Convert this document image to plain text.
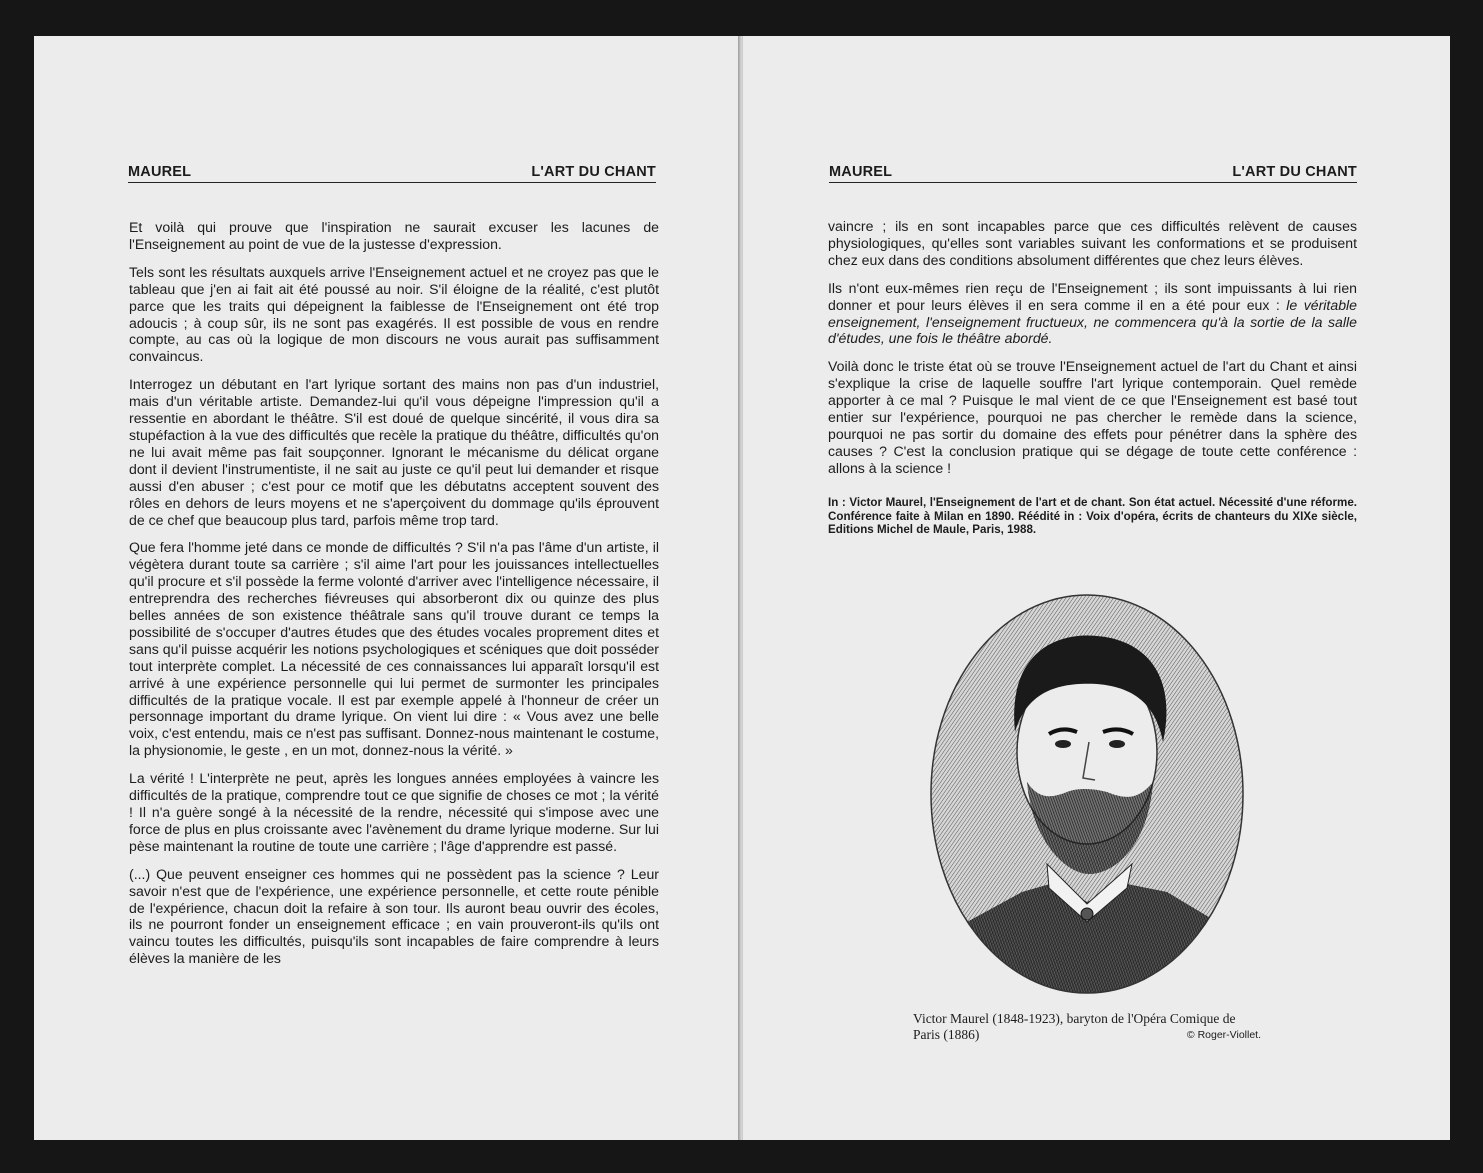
MAUREL	L'ART DU CHANT

Et voilà qui prouve que l'inspiration ne saurait excuser les lacunes de l'Enseignement au point de vue de la justesse d'expression.

Tels sont les résultats auxquels arrive l'Enseignement actuel et ne croyez pas que le tableau que j'en ai fait ait été poussé au noir. S'il éloigne de la réalité, c'est plutôt parce que les traits qui dépeignent la faiblesse de l'Enseignement ont été trop adoucis ; à coup sûr, ils ne sont pas exagérés. Il est possible de vous en rendre compte, au cas où la logique de mon discours ne vous aurait pas suffisamment convaincus.

Interrogez un débutant en l'art lyrique sortant des mains non pas d'un industriel, mais d'un véritable artiste. Demandez-lui qu'il vous dépeigne l'impression qu'il a ressentie en abordant le théâtre. S'il est doué de quelque sincérité, il vous dira sa stupéfaction à la vue des difficultés que recèle la pratique du théâtre, difficultés qu'on ne lui avait même pas fait soupçonner. Ignorant le mécanisme du délicat organe dont il devient l'instrumentiste, il ne sait au juste ce qu'il peut lui demander et risque aussi d'en abuser ; c'est pour ce motif que les débutatns acceptent souvent des rôles en dehors de leurs moyens et ne s'aperçoivent du dommage qu'ils éprouvent de ce chef que beaucoup plus tard, parfois même trop tard.

Que fera l'homme jeté dans ce monde de difficultés ? S'il n'a pas l'âme d'un artiste, il végètera durant toute sa carrière ; s'il aime l'art pour les jouissances intellectuelles qu'il procure et s'il possède la ferme volonté d'arriver avec l'intelligence nécessaire, il entreprendra des recherches fiévreuses qui absorberont dix ou quinze des plus belles années de son existence théâtrale sans qu'il trouve durant ce temps la possibilité de s'occuper d'autres études que des études vocales proprement dites et sans qu'il puisse acquérir les notions psychologiques et scéniques que doit posséder tout interprète complet. La nécessité de ces connaissances lui apparaît lorsqu'il est arrivé à une expérience personnelle qui lui permet de surmonter les principales difficultés de la pratique vocale. Il est par exemple appelé à l'honneur de créer un personnage important du drame lyrique. On vient lui dire : « Vous avez une belle voix, c'est entendu, mais ce n'est pas suffisant. Donnez-nous maintenant le costume, la physionomie, le geste , en un mot, donnez-nous la vérité. »

La vérité ! L'interprète ne peut, après les longues années employées à vaincre les difficultés de la pratique, comprendre tout ce que signifie de choses ce mot ; la vérité ! Il n'a guère songé à la nécessité de la rendre, nécessité qui s'impose avec une force de plus en plus croissante avec l'avènement du drame lyrique moderne. Sur lui pèse maintenant la routine de toute une carrière ; l'âge d'apprendre est passé.

(...) Que peuvent enseigner ces hommes qui ne possèdent pas la science ? Leur savoir n'est que de l'expérience, une expérience personnelle, et cette route pénible de l'expérience, chacun doit la refaire à son tour. Ils auront beau ouvrir des écoles, ils ne pourront fonder un enseignement efficace ; en vain prouveront-ils qu'ils ont vaincu toutes les difficultés, puisqu'ils sont incapables de faire comprendre à leurs élèves la manière de les

MAUREL	L'ART DU CHANT

vaincre ; ils en sont incapables parce que ces difficultés relèvent de causes physiologiques, qu'elles sont variables suivant les conformations et se produisent chez eux dans des conditions absolument différentes que chez leurs élèves.

Ils n'ont eux-mêmes rien reçu de l'Enseignement ; ils sont impuissants à lui rien donner et pour leurs élèves il en sera comme il en a été pour eux : le véritable enseignement, l'enseignement fructueux, ne commencera qu'à la sortie de la salle d'études, une fois le théâtre abordé.

Voilà donc le triste état où se trouve l'Enseignement actuel de l'art du Chant et ainsi s'explique la crise de laquelle souffre l'art lyrique contemporain. Quel remède apporter à ce mal ? Puisque le mal vient de ce que l'Enseignement est basé tout entier sur l'expérience, pourquoi ne pas chercher le remède dans la science, pourquoi ne pas sortir du domaine des effets pour pénétrer dans la sphère des causes ? C'est la conclusion pratique qui se dégage de toute cette conférence : allons à la science !

In : Victor Maurel, l'Enseignement de l'art et de chant. Son état actuel. Nécessité d'une réforme. Conférence faite à Milan en 1890. Réédité in : Voix d'opéra, écrits de chanteurs du XIXe siècle, Editions Michel de Maule, Paris, 1988.
Victor Maurel (1848-1923), baryton de l'Opéra Comique de Paris (1886)	© Roger-Viollet.
